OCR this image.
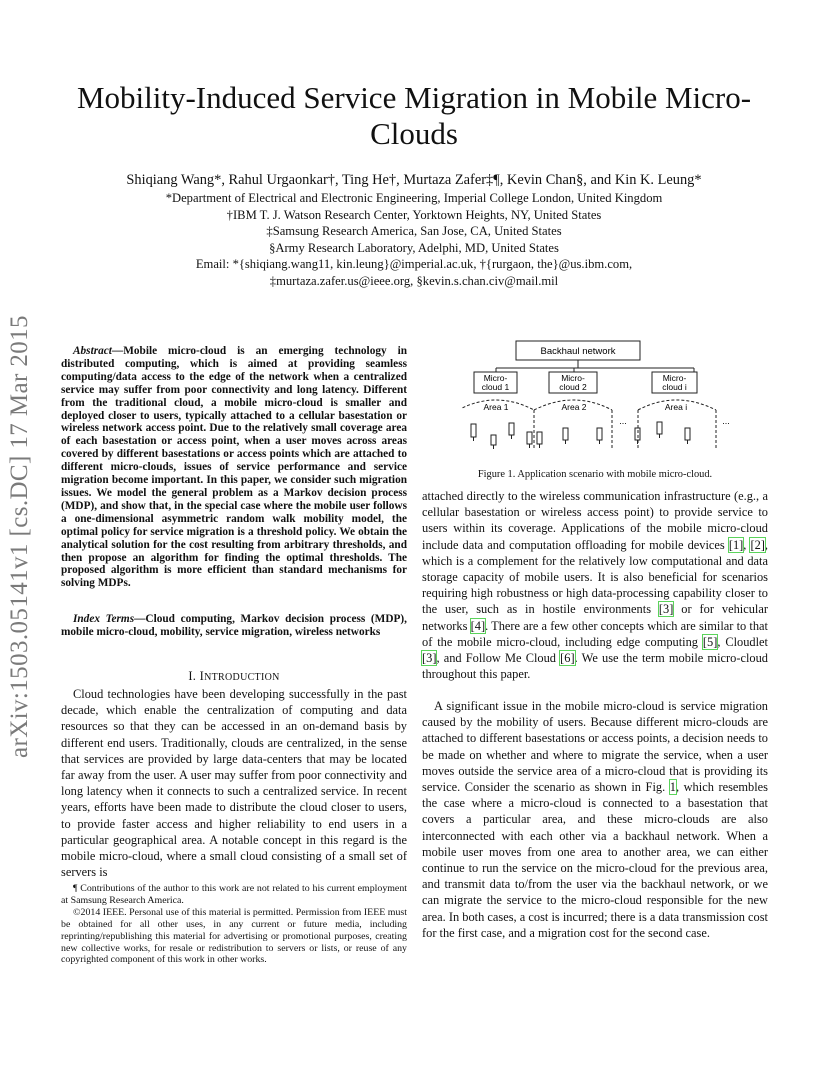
Mobility-Induced Service Migration in Mobile Micro-Clouds
Shiqiang Wang*, Rahul Urgaonkar†, Ting He†, Murtaza Zafer‡¶, Kevin Chan§, and Kin K. Leung*
*Department of Electrical and Electronic Engineering, Imperial College London, United Kingdom
†IBM T. J. Watson Research Center, Yorktown Heights, NY, United States
‡Samsung Research America, San Jose, CA, United States
§Army Research Laboratory, Adelphi, MD, United States
Email: *{shiqiang.wang11, kin.leung}@imperial.ac.uk, †{rurgaon, the}@us.ibm.com,
‡murtaza.zafer.us@ieee.org, §kevin.s.chan.civ@mail.mil
arXiv:1503.05141v1 [cs.DC] 17 Mar 2015	Abstract—Mobile micro-cloud is an emerging technology in distributed computing, which is aimed at providing seamless computing/data access to the edge of the network when a centralized service may suffer from poor connectivity and long latency. Different from the traditional cloud, a mobile micro-cloud is smaller and deployed closer to users, typically attached to a cellular basestation or wireless network access point. Due to the relatively small coverage area of each basestation or access point, when a user moves across areas covered by different basestations or access points which are attached to different micro-clouds, issues of service performance and service migration become important. In this paper, we consider such migration issues. We model the general problem as a Markov decision process (MDP), and show that, in the special case where the mobile user follows a one-dimensional asymmetric random walk mobility model, the optimal policy for service migration is a threshold policy. We obtain the analytical solution for the cost resulting from arbitrary thresholds, and then propose an algorithm for finding the optimal thresholds. The proposed algorithm is more efficient than standard mechanisms for solving MDPs.

Index Terms—Cloud computing, Markov decision process (MDP), mobile micro-cloud, mobility, service migration, wireless networks

I. INTRODUCTION

Cloud technologies have been developing successfully in the past decade, which enable the centralization of computing and data resources so that they can be accessed in an on-demand basis by different end users. Traditionally, clouds are centralized, in the sense that services are provided by large data-centers that may be located far away from the user. A user may suffer from poor connectivity and long latency when it connects to such a centralized service. In recent years, efforts have been made to distribute the cloud closer to users, to provide faster access and higher reliability to end users in a particular geographical area. A notable concept in this regard is the mobile micro-cloud, where a small cloud consisting of a small set of servers is

¶ Contributions of the author to this work are not related to his current employment at Samsung Research America.
©2014 IEEE. Personal use of this material is permitted. Permission from IEEE must be obtained for all other uses, in any current or future media, including reprinting/republishing this material for advertising or promotional purposes, creating new collective works, for resale or redistribution to servers or lists, or reuse of any copyrighted component of this work in other works.
Backhaul network
Micro-
cloud 1
Micro-
cloud 2
Micro-
cloud i
Area 1	Area 2	Area i
...	...
Figure 1. Application scenario with mobile micro-cloud.

attached directly to the wireless communication infrastructure (e.g., a cellular basestation or wireless access point) to provide service to users within its coverage. Applications of the mobile micro-cloud include data and computation offloading for mobile devices [1], [2], which is a complement for the relatively low computational and data storage capacity of mobile users. It is also beneficial for scenarios requiring high robustness or high data-processing capability closer to the user, such as in hostile environments [3] or for vehicular networks [4]. There are a few other concepts which are similar to that of the mobile micro-cloud, including edge computing [5], Cloudlet [3], and Follow Me Cloud [6]. We use the term mobile micro-cloud throughout this paper.

A significant issue in the mobile micro-cloud is service migration caused by the mobility of users. Because different micro-clouds are attached to different basestations or access points, a decision needs to be made on whether and where to migrate the service, when a user moves outside the service area of a micro-cloud that is providing its service. Consider the scenario as shown in Fig. 1, which resembles the case where a micro-cloud is connected to a basestation that covers a particular area, and these micro-clouds are also interconnected with each other via a backhaul network. When a mobile user moves from one area to another area, we can either continue to run the service on the micro-cloud for the previous area, and transmit data to/from the user via the backhaul network, or we can migrate the service to the micro-cloud responsible for the new area. In both cases, a cost is incurred; there is a data transmission cost for the first case, and a migration cost for the second case.
